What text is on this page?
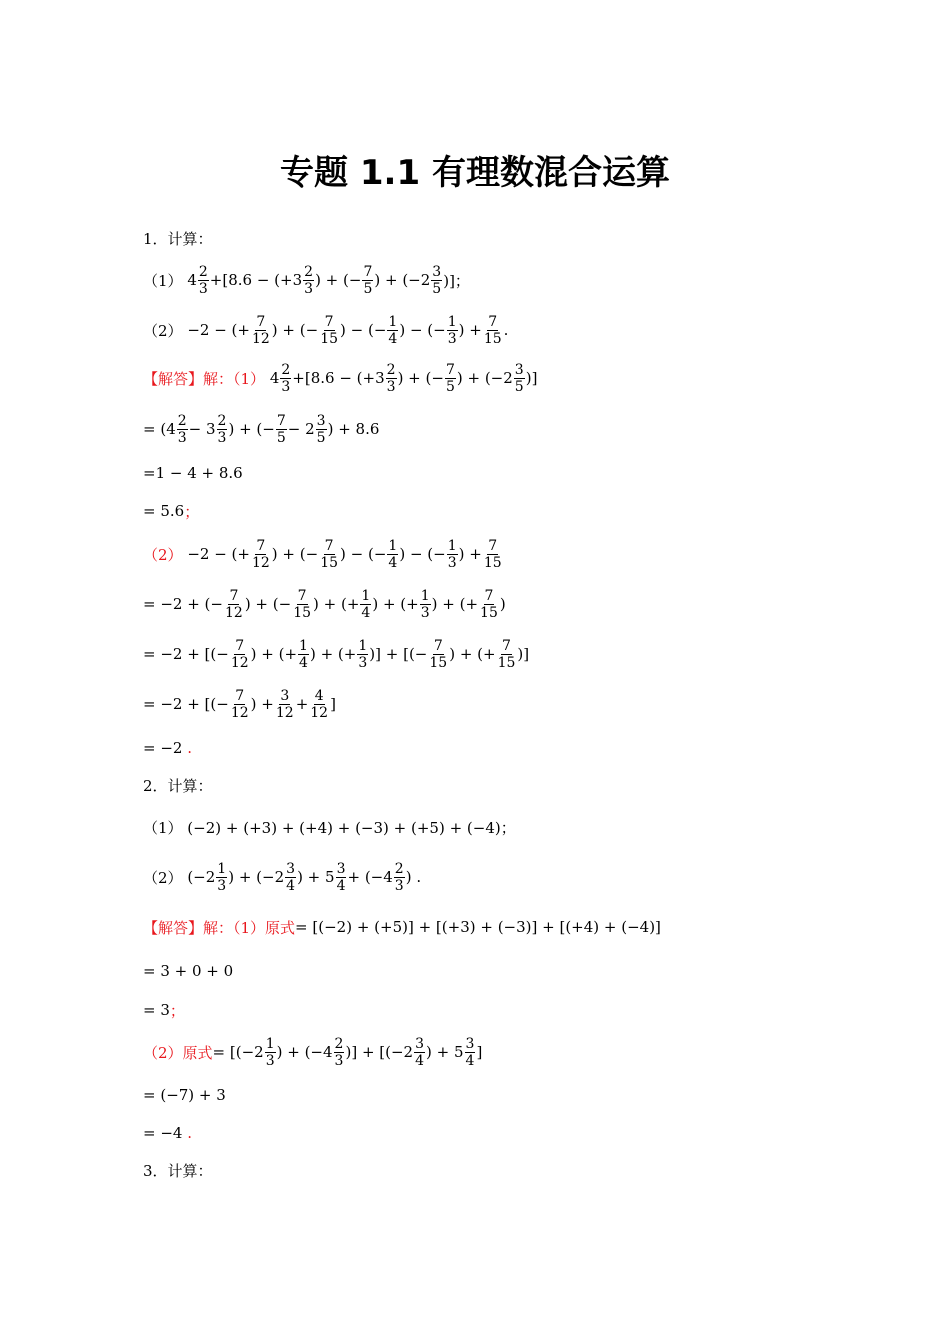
专题 1.1 有理数混合运算
1．计算：
（1）
$4 \frac{2}{3} +[8.6 - (+3 \frac{2}{3}$ ) + (− $\frac{7}{5}$ ) + ($-2 \frac{3}{5}$ )]；
（2）
−2 − (+ $\frac{7}{12}$ ) + (− $\frac{7}{15}$ ) − (− $\frac{1}{4}$ ) − (− $\frac{1}{3}$ ) + $\frac{7}{15}$ .
【解答】解：（1）
$4 \frac{2}{3} +[8.6 - (+3 \frac{2}{3}$ ) + (− $\frac{7}{5}$ ) + ($-2 \frac{3}{5}$ )]
= ($4 \frac{2}{3} - 3 \frac{2}{3}$ ) + (− $\frac{7}{5} - 2 \frac{3}{5}$ ) + 8.6
=1 − 4 + 8.6
= 5.6 ；
（2）
−2 − (+ $\frac{7}{12}$ ) + (− $\frac{7}{15}$ ) − (− $\frac{1}{4}$ ) − (− $\frac{1}{3}$ ) + $\frac{7}{15}$
= −2 + (− $\frac{7}{12}$ ) + (− $\frac{7}{15}$ ) + (+ $\frac{1}{4}$ ) + (+ $\frac{1}{3}$ ) + (+ $\frac{7}{15}$ )
= −2 + [(− $\frac{7}{12}$ ) + (+ $\frac{1}{4}$ ) + (+ $\frac{1}{3}$ )] + [(− $\frac{7}{15}$ ) + (+ $\frac{7}{15}$ )]
= −2 + [(− $\frac{7}{12}$ ) + $\frac{3}{12} + \frac{4}{12}$ ]
= −2
.
2．计算：
（1） (−2) + (+3) + (+4) + (−3) + (+5) + (−4)；
（2）
($-2 \frac{1}{3}$ ) + ($-2 \frac{3}{4}$ ) + $5 \frac{3}{4} + (-4 \frac{2}{3}$ ) .
【解答】解：（1）原式 = [(−2) + (+5)] + [(+3) + (−3)] + [(+4) + (−4)]
= 3 + 0 + 0
= 3 ；
（2）原式 = [($-2 \frac{1}{3}$ ) + ($-4 \frac{2}{3}$ )] + [($-2 \frac{3}{4}$ ) + $5 \frac{3}{4}$ ]
= (−7) + 3
= −4
.
3．计算：
